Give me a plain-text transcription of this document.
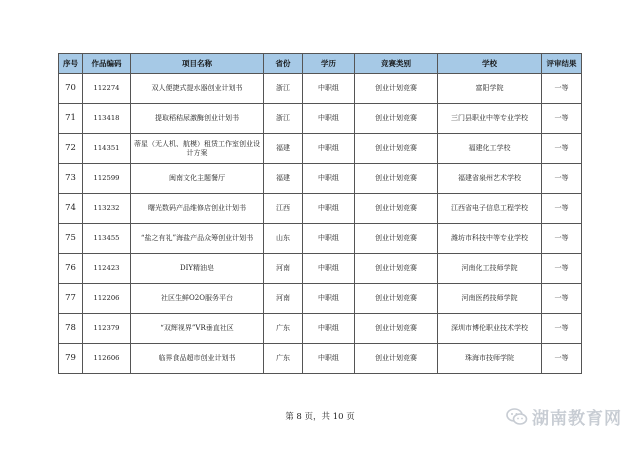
序号	作品编码	项目名称	省份	学历	竞赛类别	学校	评审结果
70	112274	双人便捷式提水器创业计划书	浙江	中职组	创业计划竞赛	富阳学院	一等
71	113418	提取稻秸尿激酶创业计划书	浙江	中职组	创业计划竞赛	三门县职业中等专业学校	一等
72	114351	蒂星（无人机、航模）租赁工作室创业设计方案	福建	中职组	创业计划竞赛	福建化工学校	一等
73	112599	闽南文化主题餐厅	福建	中职组	创业计划竞赛	福建省泉州艺术学校	一等
74	113232	曙光数码产品维修店创业计划书	江西	中职组	创业计划竞赛	江西省电子信息工程学校	一等
75	113455	“盐之有礼”海盐产品众筹创业计划书	山东	中职组	创业计划竞赛	潍坊市科技中等专业学校	一等
76	112423	DIY精油皂	河南	中职组	创业计划竞赛	河南化工技师学院	一等
77	112206	社区生鲜O2O服务平台	河南	中职组	创业计划竞赛	河南医药技师学院	一等
78	112379	“双辉视界”VR垂直社区	广东	中职组	创业计划竞赛	深圳市博伦职业技术学校	一等
79	112606	临界食品超市创业计划书	广东	中职组	创业计划竞赛	珠海市技师学院	一等
第 8 页，共 10 页	湖南教育网
